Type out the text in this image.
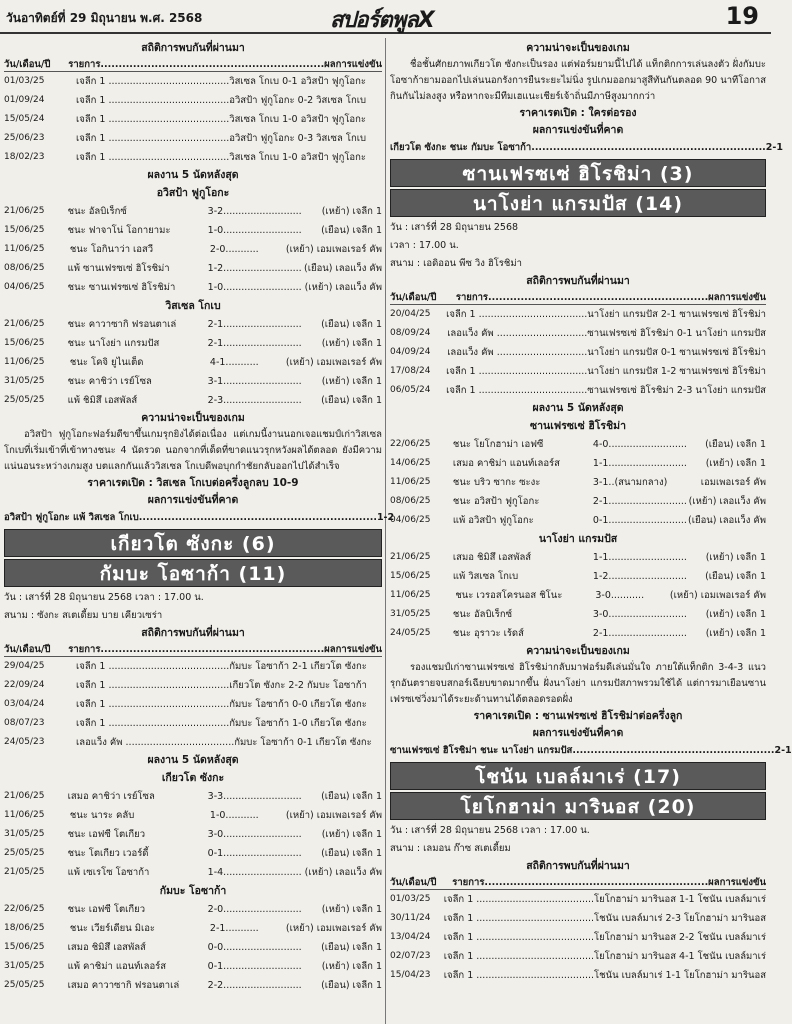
วันอาทิตย์ที่ 29 มิถุนายน พ.ศ. 2568	สปอร์ตพูลX	19
สถิติการพบกันที่ผ่านมา
วัน/เดือน/ปี	รายการ..............................................................ผลการแข่งขัน
01/03/25	เจลีก 1 ........................................วิสเซล โกเบ 0-1 อวิสป้า ฟูกูโอกะ
01/09/24	เจลีก 1 ........................................อวิสป้า ฟูกูโอกะ 0-2 วิสเซล โกเบ
15/05/24	เจลีก 1 ........................................วิสเซล โกเบ 1-0 อวิสป้า ฟูกูโอกะ
25/06/23	เจลีก 1 ........................................อวิสป้า ฟูกูโอกะ 0-3 วิสเซล โกเบ
18/02/23	เจลีก 1 ........................................วิสเซล โกเบ 1-0 อวิสป้า ฟูกูโอกะ
ผลงาน 5 นัดหลังสุด
อวิสป้า ฟูกูโอกะ
21/06/25	ชนะ อัลบิเร็กซ์	3-2..........................	(เหย้า) เจลีก 1
15/06/25	ชนะ ฟาจาโน่ โอกายามะ	1-0..........................	(เยือน) เจลีก 1
11/06/25	ชนะ โอกินาว่า เอสวี	2-0...........	(เหย้า) เอมเพอเรอร์ คัพ
08/06/25	แพ้ ซานเฟรซเซ่ ฮิโรชิม่า	1-2.......................... (เยือน) เลอแว็ง คัพ
04/06/25	ชนะ ซานเฟรซเซ่ ฮิโรชิม่า	1-0.......................... (เหย้า) เลอแว็ง คัพ
วิสเซล โกเบ
21/06/25	ชนะ คาวาซากิ ฟรอนตาเล่	2-1..........................	(เยือน) เจลีก 1
15/06/25	ชนะ นาโงย่า แกรมปัส	2-1..........................	(เหย้า) เจลีก 1
11/06/25	ชนะ โคจิ ยูไนเต็ด	4-1...........	(เหย้า) เอมเพอเรอร์ คัพ
31/05/25	ชนะ คาชิว่า เรย์โซล	3-1..........................	(เหย้า) เจลีก 1
25/05/25	แพ้ ชิมิสึ เอสพัลส์	2-3..........................	(เยือน) เจลีก 1
ความน่าจะเป็นของเกม
อวิสป้า ฟูกูโอกะฟอร์มดีขาขึ้นเกมรุกยิงได้ต่อเนื่อง แต่เกมนี้งานนอกเจอแชมป์เก่าวิสเซล โกเบที่เริ่มเข้าที่เข้าทางชนะ 4 นัดรวด นอกจากที่เด็ดที่ขาดแนวรุกหวังผลได้ตลอด ยังมีความแน่นอนระหว่างเกมสูง บตแลกกันแล้ววิสเซล โกเบดีพอบุกกำชัยกลับออกไปได้สำเร็จ
ราคาเรตเปิด : วิสเซล โกเบต่อครึ่งลูกลบ 10-9
ผลการแข่งขันที่คาด
อวิสป้า ฟูกูโอกะ แพ้ วิสเซล โกเบ.................................................................. 1-2
เกียวโต ซังกะ (6)
กัมบะ โอซาก้า (11)
วัน : เสาร์ที่ 28 มิถุนายน 2568 เวลา : 17.00 น.
สนาม : ซังกะ สเตเดี้ยม บาย เคียวเซร่า
สถิติการพบกันที่ผ่านมา
วัน/เดือน/ปี	รายการ..............................................................ผลการแข่งขัน
29/04/25	เจลีก 1 ........................................กัมบะ โอซาก้า 2-1 เกียวโต ซังกะ
22/09/24	เจลีก 1 ........................................เกียวโต ซังกะ 2-2 กัมบะ โอซาก้า
03/04/24	เจลีก 1 ........................................กัมบะ โอซาก้า 0-0 เกียวโต ซังกะ
08/07/23	เจลีก 1 ........................................กัมบะ โอซาก้า 1-0 เกียวโต ซังกะ
24/05/23	เลอแว็ง คัพ ....................................กัมบะ โอซาก้า 0-1 เกียวโต ซังกะ
ผลงาน 5 นัดหลังสุด
เกียวโต ซังกะ
21/06/25	เสมอ คาชิว่า เรย์โซล	3-3..........................	(เยือน) เจลีก 1
11/06/25	ชนะ นาระ คลับ	1-0...........	(เหย้า) เอมเพอเรอร์ คัพ
31/05/25	ชนะ เอฟซี โตเกียว	3-0..........................	(เหย้า) เจลีก 1
25/05/25	ชนะ โตเกียว เวอร์ดี้	0-1..........................	(เยือน) เจลีก 1
21/05/25	แพ้ เซเรโซ โอซาก้า	1-4.......................... (เหย้า) เลอแว็ง คัพ
กัมบะ โอซาก้า
22/06/25	ชนะ เอฟซี โตเกียว	2-0..........................	(เหย้า) เจลีก 1
18/06/25	ชนะ เวียร์เดียน มิเอะ	2-1...........	(เหย้า) เอมเพอเรอร์ คัพ
15/06/25	เสมอ ชิมิสึ เอสพัลส์	0-0..........................	(เยือน) เจลีก 1
31/05/25	แพ้ คาชิม่า แอนท์เลอร์ส	0-1..........................	(เหย้า) เจลีก 1
25/05/25	เสมอ คาวาซากิ ฟรอนตาเล่	2-2..........................	(เยือน) เจลีก 1
ความน่าจะเป็นของเกม
ชื่อชั้นศักยภาพเกียวโต ซังกะเป็นรอง แต่ฟอร์มยามนี้ไปได้ แท็กติกการเล่นลงตัว ฝั่งกัมบะ โอซาก้ายามออกไปเล่นนอกรังการยืนระยะไม่นิ่ง รูปเกมออกมาสูสีทันกันตลอด 90 นาทีโอกาสกินกันไม่ลงสูง หรือหากจะมีทีมเฮแนะเชียร์เจ้าถิ่นมีภาษีสูงมากกว่า
ราคาเรตเปิด : ใครต่อรอง
ผลการแข่งขันที่คาด
เกียวโต ซังกะ ชนะ กัมบะ โอซาก้า................................................................. 2-1
ซานเฟรซเซ่ ฮิโรชิม่า (3)
นาโงย่า แกรมปัส (14)
วัน : เสาร์ที่ 28 มิถุนายน 2568
เวลา : 17.00 น.
สนาม : เอดิออน พีซ วิง ฮิโรชิม่า
สถิติการพบกันที่ผ่านมา
วัน/เดือน/ปี	รายการ.............................................................ผลการแข่งขัน
20/04/25	เจลีก 1 ....................................นาโงย่า แกรมปัส 2-1 ซานเฟรซเซ่ ฮิโรชิม่า
08/09/24	เลอแว็ง คัพ ..............................ซานเฟรซเซ่ ฮิโรชิม่า 0-1 นาโงย่า แกรมปัส
04/09/24	เลอแว็ง คัพ ..............................นาโงย่า แกรมปัส 0-1 ซานเฟรซเซ่ ฮิโรชิม่า
17/08/24	เจลีก 1 ....................................นาโงย่า แกรมปัส 1-2 ซานเฟรซเซ่ ฮิโรชิม่า
06/05/24	เจลีก 1 ....................................ซานเฟรซเซ่ ฮิโรชิม่า 2-3 นาโงย่า แกรมปัส
ผลงาน 5 นัดหลังสุด
ซานเฟรซเซ่ ฮิโรชิม่า
22/06/25	ชนะ โยโกฮาม่า เอฟซี	4-0..........................	(เยือน) เจลีก 1
14/06/25	เสมอ คาชิม่า แอนท์เลอร์ส	1-1..........................	(เหย้า) เจลีก 1
11/06/25	ชนะ บริว ซากะ ซะงะ	3-1..(สนามกลาง)	เอมเพอเรอร์ คัพ
08/06/25	ชนะ อวิสป้า ฟูกูโอกะ	2-1.......................... (เหย้า) เลอแว็ง คัพ
04/06/25	แพ้ อวิสป้า ฟูกูโอกะ	0-1.......................... (เยือน) เลอแว็ง คัพ
นาโงย่า แกรมปัส
21/06/25	เสมอ ชิมิสึ เอสพัลส์	1-1..........................	(เหย้า) เจลีก 1
15/06/25	แพ้ วิสเซล โกเบ	1-2..........................	(เยือน) เจลีก 1
11/06/25	ชนะ เวรอสโครนอส ชิโนะ	3-0...........	(เหย้า) เอมเพอเรอร์ คัพ
31/05/25	ชนะ อัลบิเร็กซ์	3-0..........................	(เหย้า) เจลีก 1
24/05/25	ชนะ อุราวะ เร้ดส์	2-1..........................	(เหย้า) เจลีก 1
ความน่าจะเป็นของเกม
รองแชมป์เก่าซานเฟรซเซ่ ฮิโรชิม่ากลับมาฟอร์มดีเล่นมั่นใจ ภายใต้แท็กติก 3-4-3 แนวรุกอันตรายจบสกอร์เฉียบขาดมากขึ้น ฝั่งนาโงย่า แกรมปัสภาพรวมใช้ได้ แต่การมาเยือนซานเฟรซเซ่วิ่งมาได้ระยะด้านทานได้ตลอดรอดฝั่ง
ราคาเรตเปิด : ซานเฟรซเซ่ ฮิโรชิม่าต่อครึ่งลูก
ผลการแข่งขันที่คาด
ซานเฟรซเซ่ ฮิโรชิม่า ชนะ นาโงย่า แกรมปัส........................................................ 2-1
โชนัน เบลล์มาเร่ (17)
โยโกฮาม่า มารินอส (20)
วัน : เสาร์ที่ 28 มิถุนายน 2568 เวลา : 17.00 น.
สนาม : เลมอน ก๊าซ สเตเดี้ยม
สถิติการพบกันที่ผ่านมา
วัน/เดือน/ปี	รายการ..............................................................ผลการแข่งขัน
01/03/25	เจลีก 1 .......................................โยโกฮาม่า มารินอส 1-1 โชนัน เบลล์มาเร่
30/11/24	เจลีก 1 .......................................โชนัน เบลล์มาเร่ 2-3 โยโกฮาม่า มารินอส
13/04/24	เจลีก 1 .......................................โยโกฮาม่า มารินอส 2-2 โชนัน เบลล์มาเร่
02/07/23	เจลีก 1 .......................................โยโกฮาม่า มารินอส 4-1 โชนัน เบลล์มาเร่
15/04/23	เจลีก 1 .......................................โชนัน เบลล์มาเร่ 1-1 โยโกฮาม่า มารินอส
